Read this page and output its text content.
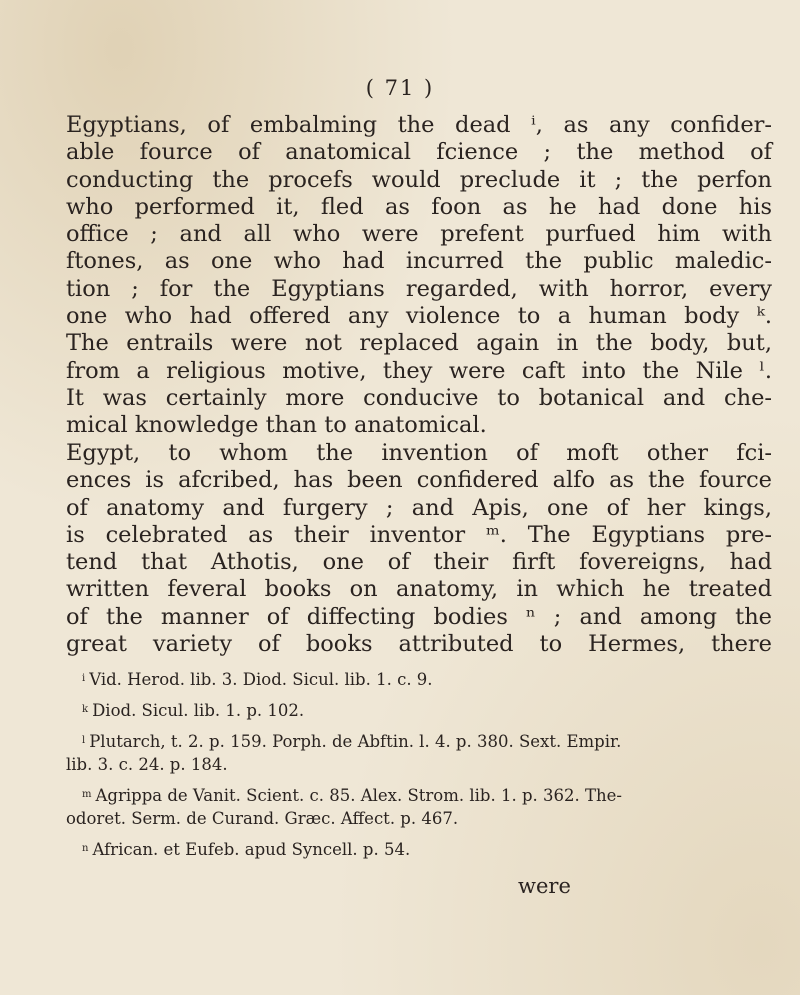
( 71 )
Egyptians, of embalming the dead ⁱ, as any confider-
able fource of anatomical fcience ; the method of
conducting the procefs would preclude it ; the perfon
who performed it, fled as foon as he had done his
office ; and all who were prefent purfued him with
ftones, as one who had incurred the public maledic-
tion ; for the Egyptians regarded, with horror, every
one who had offered any violence to a human body ᵏ.
The entrails were not replaced again in the body, but,
from a religious motive, they were caft into the Nile ˡ.
It was certainly more conducive to botanical and che-
mical knowledge than to anatomical.
Egypt, to whom the invention of moft other fci-
ences is afcribed, has been confidered alfo as the fource
of anatomy and furgery ; and Apis, one of her kings,
is celebrated as their inventor ᵐ. The Egyptians pre-
tend that Athotis, one of their firft fovereigns, had
written feveral books on anatomy, in which he treated
of the manner of diffecting bodies ⁿ ; and among the
great variety of books attributed to Hermes, there
$^i$ Vid. Herod. lib. 3. Diod. Sicul. lib. 1. c. 9.
$^k$ Diod. Sicul. lib. 1. p. 102.
$^l$ Plutarch, t. 2. p. 159. Porph. de Abftin. l. 4. p. 380. Sext. Empir.
lib. 3. c. 24. p. 184.
$^m$ Agrippa de Vanit. Scient. c. 85. Alex. Strom. lib. 1. p. 362. The-
odoret. Serm. de Curand. Græc. Affect. p. 467.
$^n$ African. et Eufeb. apud Syncell. p. 54.
were
